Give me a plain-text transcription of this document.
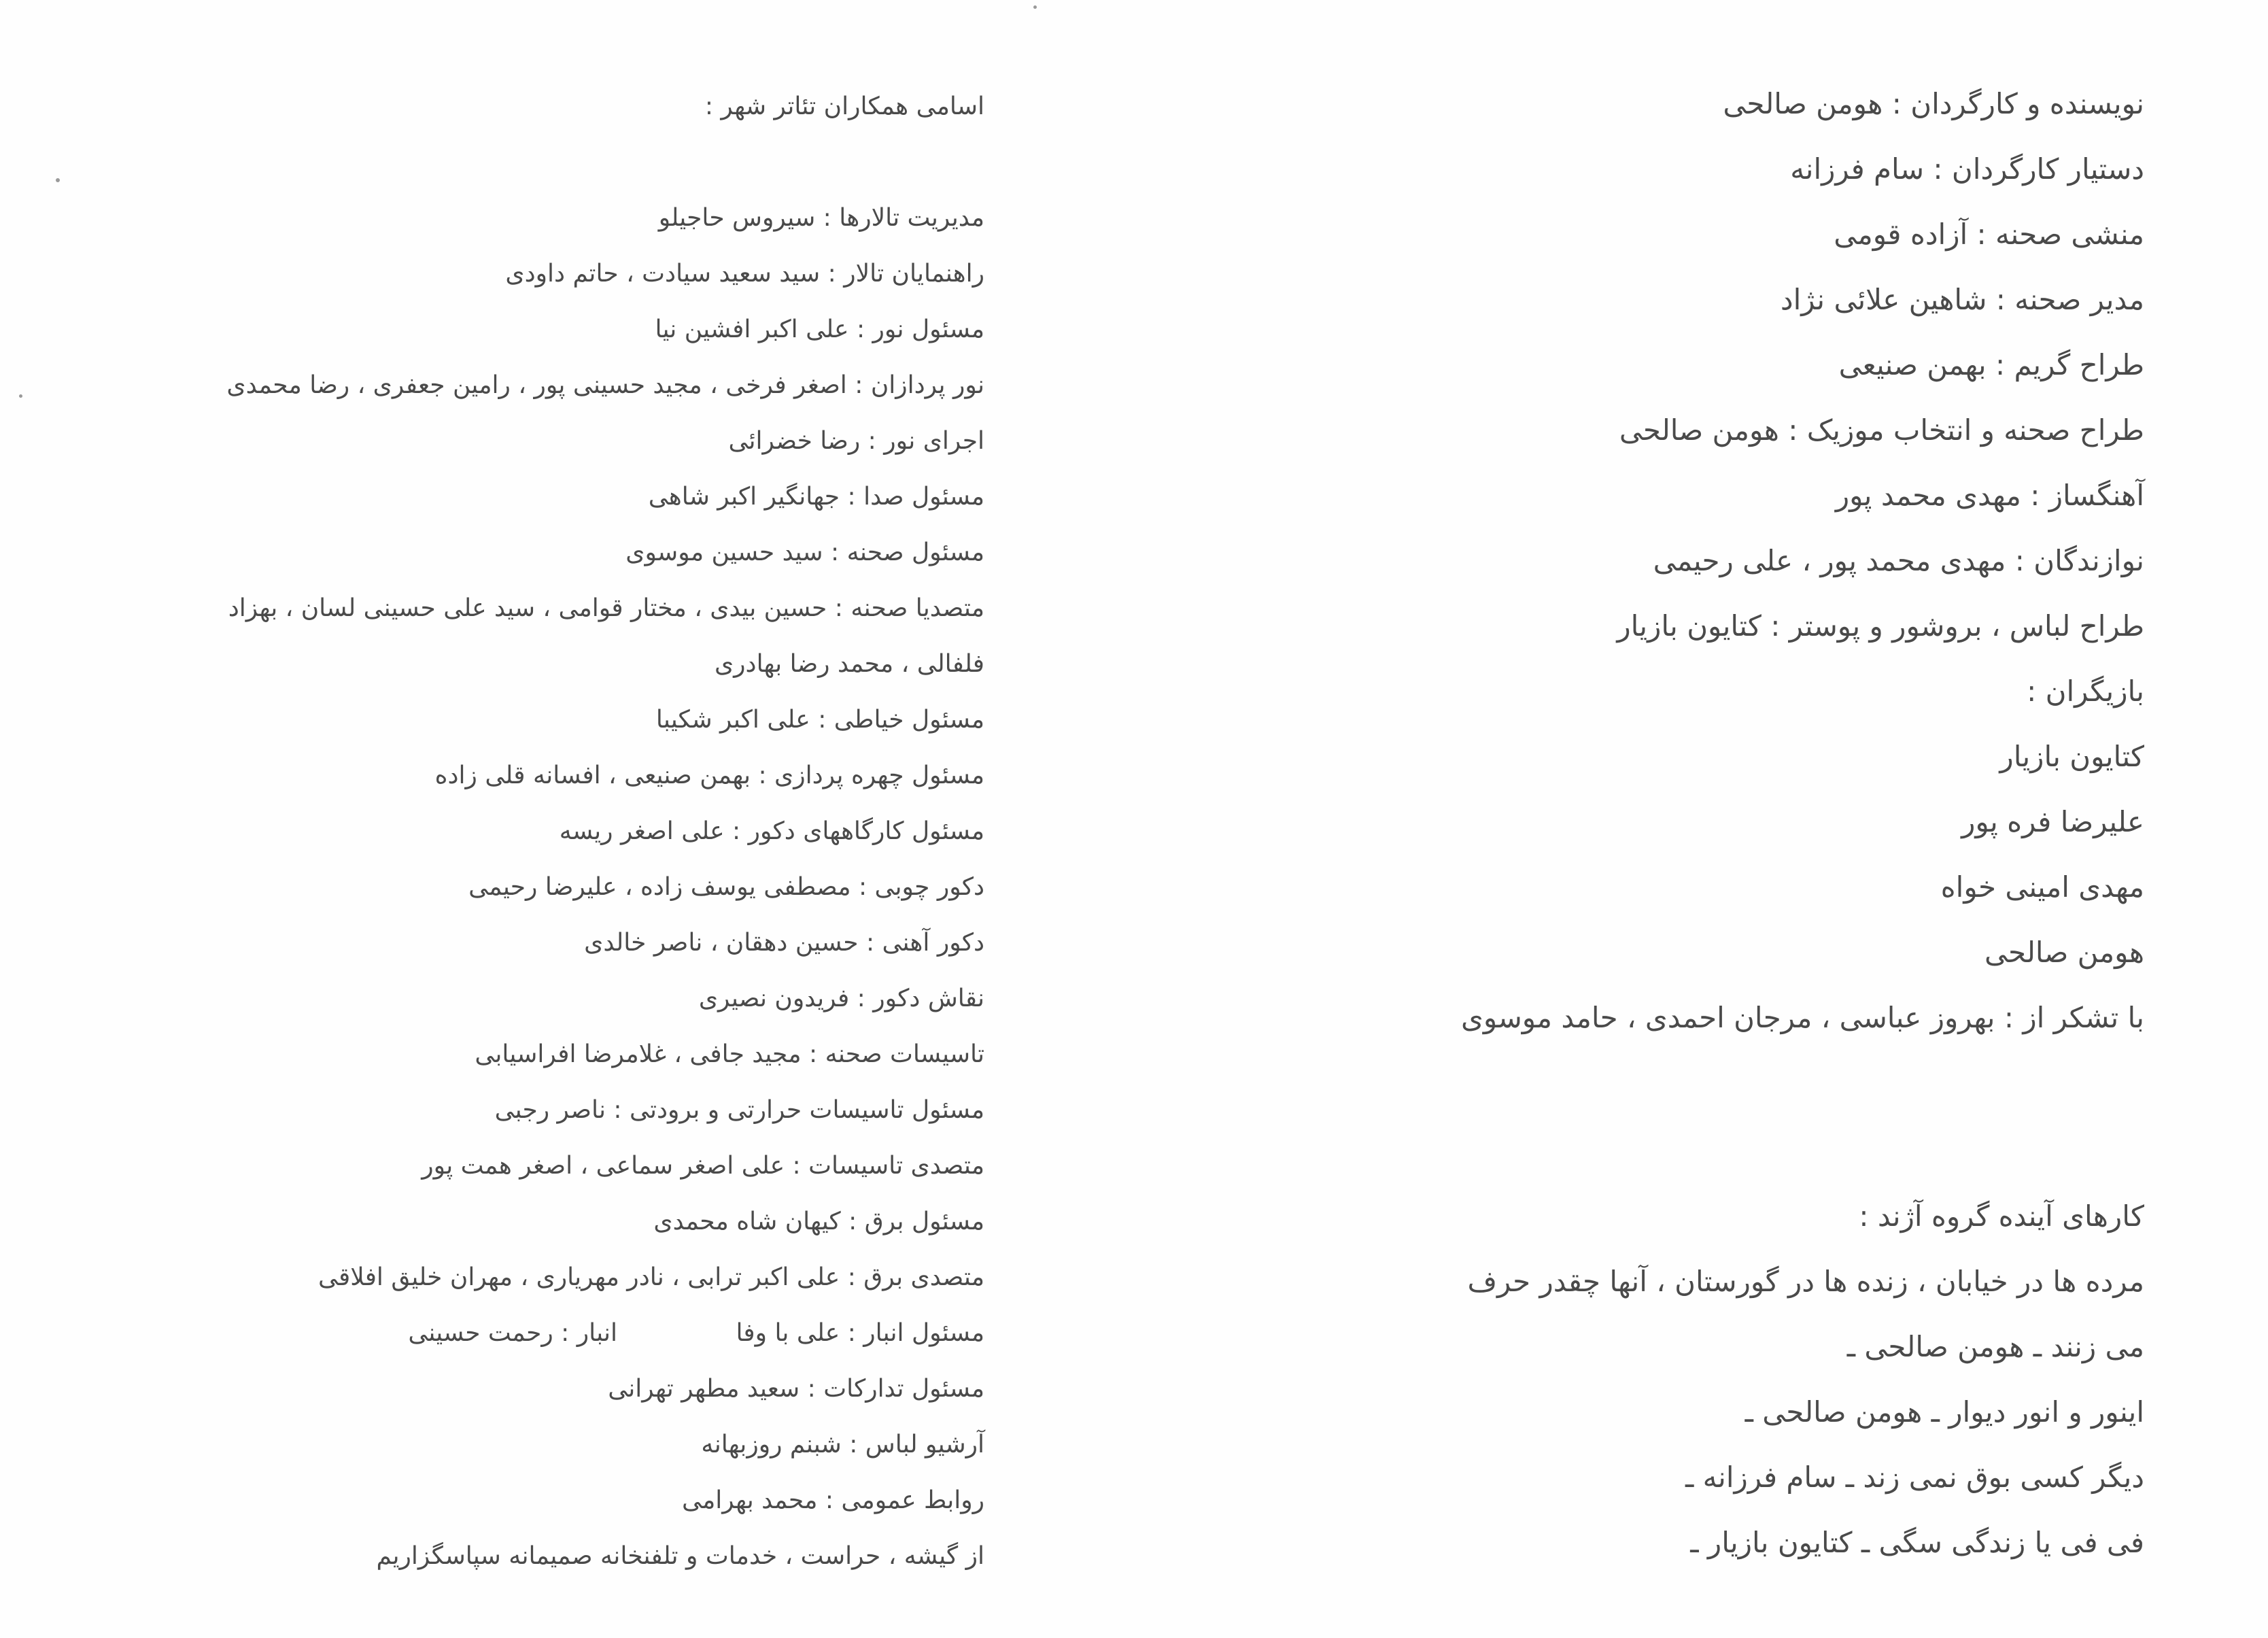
نویسنده و کارگردان : هومن صالحی
دستیار کارگردان : سام فرزانه
منشی صحنه : آزاده قومی
مدیر صحنه : شاهین علائی نژاد
طراح گریم : بهمن صنیعی
طراح صحنه و انتخاب موزیک : هومن صالحی
آهنگساز : مهدی محمد پور
نوازندگان : مهدی محمد پور ، علی رحیمی
طراح لباس ، بروشور و پوستر : کتایون بازیار
بازیگران :
کتایون بازیار
علیرضا فره پور
مهدی امینی خواه
هومن صالحی
با تشکر از : بهروز عباسی ، مرجان احمدی ، حامد موسوی
کارهای آینده گروه آژند :
مرده ها در خیابان ، زنده ها در گورستان ، آنها چقدر حرف
می زنند ـ هومن صالحی ـ
اینور و انور دیوار ـ هومن صالحی ـ
دیگر کسی بوق نمی زند ـ سام فرزانه ـ
فی فی یا زندگی سگی ـ کتایون بازیار ـ
اسامی همکاران تئاتر شهر :
مدیریت تالارها : سیروس حاجیلو
راهنمایان تالار : سید سعید سیادت ، حاتم داودی
مسئول نور : علی اکبر افشین نیا
نور پردازان : اصغر فرخی ، مجید حسینی پور ، رامین جعفری ، رضا محمدی
اجرای نور : رضا خضرائی
مسئول صدا : جهانگیر اکبر شاهی
مسئول صحنه : سید حسین موسوی
متصدیا صحنه : حسین بیدی ، مختار قوامی ، سید علی حسینی لسان ، بهزاد
فلفالی ، محمد رضا بهادری
مسئول خیاطی : علی اکبر شکیبا
مسئول چهره پردازی : بهمن صنیعی ، افسانه قلی زاده
مسئول کارگاههای دکور : علی اصغر ریسه
دکور چوبی : مصطفی یوسف زاده ، علیرضا رحیمی
دکور آهنی : حسین دهقان ، ناصر خالدی
نقاش دکور : فریدون نصیری
تاسیسات صحنه : مجید جافی ، غلامرضا افراسیابی
مسئول تاسیسات حرارتی و برودتی : ناصر رجبی
متصدی تاسیسات : علی اصغر سماعی ، اصغر همت پور
مسئول برق : کیهان شاه محمدی
متصدی برق : علی اکبر ترابی ، نادر مهریاری ، مهران خلیق افلاقی
مسئول انبار : علی با وفا
انبار : رحمت حسینی
مسئول تدارکات : سعید مطهر تهرانی
آرشیو لباس : شبنم روزبهانه
روابط عمومی : محمد بهرامی
از گیشه ، حراست ، خدمات و تلفنخانه صمیمانه سپاسگزاریم
